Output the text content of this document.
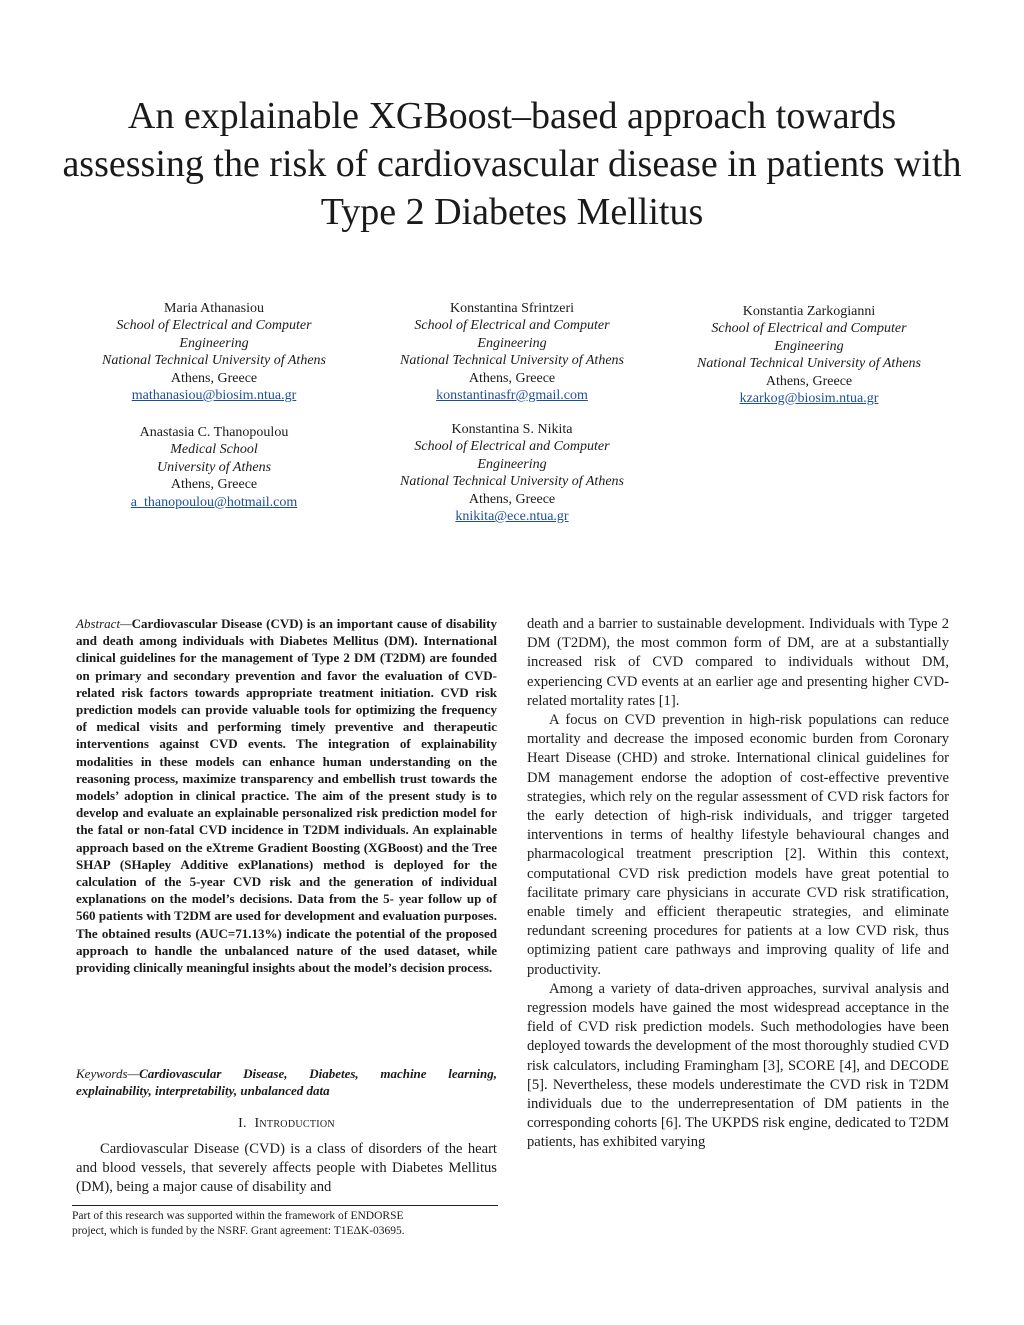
An explainable XGBoost–based approach towards assessing the risk of cardiovascular disease in patients with Type 2 Diabetes Mellitus
Maria Athanasiou
School of Electrical and Computer
Engineering
National Technical University of Athens
Athens, Greece
mathanasiou@biosim.ntua.gr
Konstantina Sfrintzeri
School of Electrical and Computer
Engineering
National Technical University of Athens
Athens, Greece
konstantinasfr@gmail.com
Konstantia Zarkogianni
School of Electrical and Computer
Engineering
National Technical University of Athens
Athens, Greece
kzarkog@biosim.ntua.gr
Anastasia C. Thanopoulou
Medical School
University of Athens
Athens, Greece
a_thanopoulou@hotmail.com
Konstantina S. Nikita
School of Electrical and Computer
Engineering
National Technical University of Athens
Athens, Greece
knikita@ece.ntua.gr

Abstract—Cardiovascular Disease (CVD) is an important cause of disability and death among individuals with Diabetes Mellitus (DM). International clinical guidelines for the management of Type 2 DM (T2DM) are founded on primary and secondary prevention and favor the evaluation of CVD-related risk factors towards appropriate treatment initiation. CVD risk prediction models can provide valuable tools for optimizing the frequency of medical visits and performing timely preventive and therapeutic interventions against CVD events. The integration of explainability modalities in these models can enhance human understanding on the reasoning process, maximize transparency and embellish trust towards the models’ adoption in clinical practice. The aim of the present study is to develop and evaluate an explainable personalized risk prediction model for the fatal or non-fatal CVD incidence in T2DM individuals. An explainable approach based on the eXtreme Gradient Boosting (XGBoost) and the Tree SHAP (SHapley Additive exPlanations) method is deployed for the calculation of the 5-year CVD risk and the generation of individual explanations on the model’s decisions. Data from the 5- year follow up of 560 patients with T2DM are used for development and evaluation purposes. The obtained results (AUC=71.13%) indicate the potential of the proposed approach to handle the unbalanced nature of the used dataset, while providing clinically meaningful insights about the model’s decision process.

Keywords—Cardiovascular Disease, Diabetes, machine learning, explainability, interpretability, unbalanced data

I. Introduction

Cardiovascular Disease (CVD) is a class of disorders of the heart and blood vessels, that severely affects people with Diabetes Mellitus (DM), being a major cause of disability and

Part of this research was supported within the framework of ENDORSE
project, which is funded by the NSRF. Grant agreement: T1EΔK-03695.

death and a barrier to sustainable development. Individuals with Type 2 DM (T2DM), the most common form of DM, are at a substantially increased risk of CVD compared to individuals without DM, experiencing CVD events at an earlier age and presenting higher CVD-related mortality rates [1].

A focus on CVD prevention in high-risk populations can reduce mortality and decrease the imposed economic burden from Coronary Heart Disease (CHD) and stroke. International clinical guidelines for DM management endorse the adoption of cost-effective preventive strategies, which rely on the regular assessment of CVD risk factors for the early detection of high-risk individuals, and trigger targeted interventions in terms of healthy lifestyle behavioural changes and pharmacological treatment prescription [2]. Within this context, computational CVD risk prediction models have great potential to facilitate primary care physicians in accurate CVD risk stratification, enable timely and efficient therapeutic strategies, and eliminate redundant screening procedures for patients at a low CVD risk, thus optimizing patient care pathways and improving quality of life and productivity.

Among a variety of data-driven approaches, survival analysis and regression models have gained the most widespread acceptance in the field of CVD risk prediction models. Such methodologies have been deployed towards the development of the most thoroughly studied CVD risk calculators, including Framingham [3], SCORE [4], and DECODE [5]. Nevertheless, these models underestimate the CVD risk in T2DM individuals due to the underrepresentation of DM patients in the corresponding cohorts [6]. The UKPDS risk engine, dedicated to T2DM patients, has exhibited varying
